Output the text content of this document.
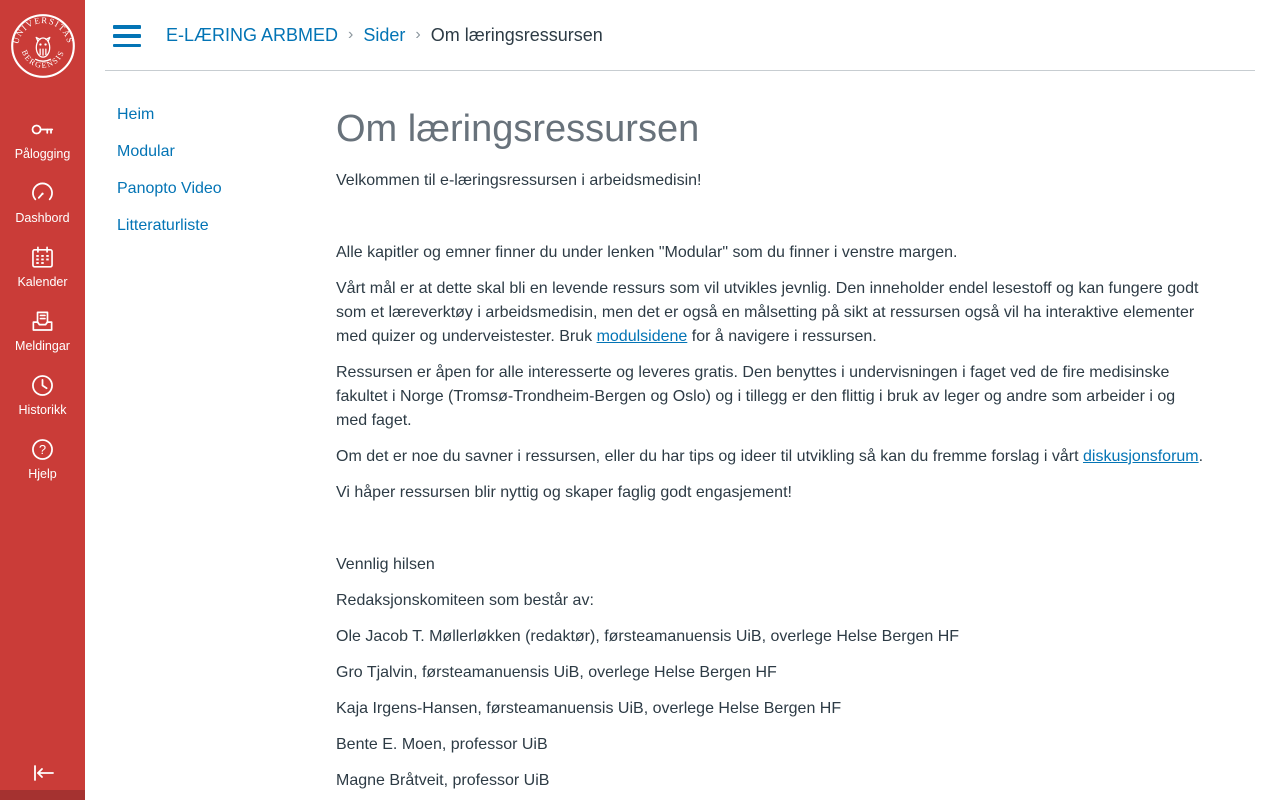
UNIVERSITAS
BERGENSIS
Pålogging
Dashbord
Kalender
Meldingar
Historikk
Hjelp
E-LÆRING ARBMED › Sider › Om læringsressursen
Heim
Modular
Panopto Video
Litteraturliste
Om læringsressursen

Velkommen til e-læringsressursen i arbeidsmedisin!

Alle kapitler og emner finner du under lenken "Modular" som du finner i venstre margen.

Vårt mål er at dette skal bli en levende ressurs som vil utvikles jevnlig. Den inneholder endel lesestoff og kan fungere godt som et læreverktøy i arbeidsmedisin, men det er også en målsetting på sikt at ressursen også vil ha interaktive elementer med quizer og underveistester. Bruk modulsidene for å navigere i ressursen.

Ressursen er åpen for alle interesserte og leveres gratis. Den benyttes i undervisningen i faget ved de fire medisinske fakultet i Norge (Tromsø-Trondheim-Bergen og Oslo) og i tillegg er den flittig i bruk av leger og andre som arbeider i og med faget.

Om det er noe du savner i ressursen, eller du har tips og ideer til utvikling så kan du fremme forslag i vårt diskusjonsforum.

Vi håper ressursen blir nyttig og skaper faglig godt engasjement!

Vennlig hilsen

Redaksjonskomiteen som består av:

Ole Jacob T. Møllerløkken (redaktør), førsteamanuensis UiB, overlege Helse Bergen HF

Gro Tjalvin, førsteamanuensis UiB, overlege Helse Bergen HF

Kaja Irgens-Hansen, førsteamanuensis UiB, overlege Helse Bergen HF

Bente E. Moen, professor UiB

Magne Bråtveit, professor UiB
